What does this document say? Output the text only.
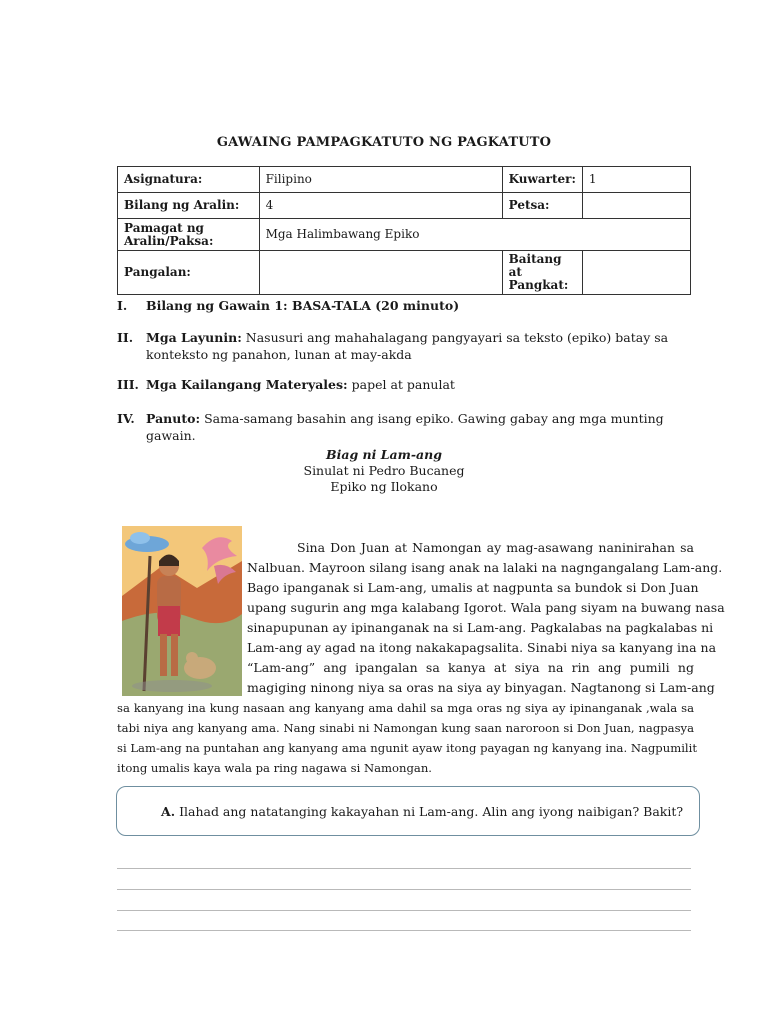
GAWAING PAMPAGKATUTO NG PAGKATUTO
Asignatura:	Filipino	Kuwarter:	1
Bilang ng Aralin:	4	Petsa:	
Pamagat ng
Aralin/Paksa:	Mga Halimbawang Epiko		
Pangalan:		Baitang at
Pangkat:	
I. Bilang ng Gawain 1: BASA-TALA (20 minuto)
II. Mga Layunin: Nasusuri ang mahahalagang pangyayari sa teksto (epiko) batay sa konteksto ng panahon, lunan at may-akda
III. Mga Kailangang Materyales: papel at panulat
IV. Panuto: Sama-samang basahin ang isang epiko. Gawing gabay ang mga munting gawain.
Biag ni Lam-ang
Sinulat ni Pedro Bucaneg
Epiko ng Ilokano
Sina Don Juan at Namongan ay mag-asawang naninirahan sa
Nalbuan. Mayroon silang isang anak na lalaki na nagngangalang Lam-ang.
Bago ipanganak si Lam-ang, umalis at nagpunta sa bundok si Don Juan
upang sugurin ang mga kalabang Igorot. Wala pang siyam na buwang nasa
sinapupunan ay ipinanganak na si Lam-ang. Pagkalabas na pagkalabas ni
Lam-ang ay agad na itong nakakapagsalita. Sinabi niya sa kanyang ina na
“Lam-ang” ang ipangalan sa kanya at siya na rin ang pumili ng
magiging ninong niya sa oras na siya ay binyagan. Nagtanong si Lam-ang
sa kanyang ina kung nasaan ang kanyang ama dahil sa mga oras ng siya ay ipinanganak ,wala sa
tabi niya ang kanyang ama. Nang sinabi ni Namongan kung saan naroroon si Don Juan, nagpasya
si Lam-ang na puntahan ang kanyang ama ngunit ayaw itong payagan ng kanyang ina. Nagpumilit
itong umalis kaya wala pa ring nagawa si Namongan.
A. Ilahad ang natatanging kakayahan ni Lam-ang. Alin ang iyong naibigan? Bakit?
